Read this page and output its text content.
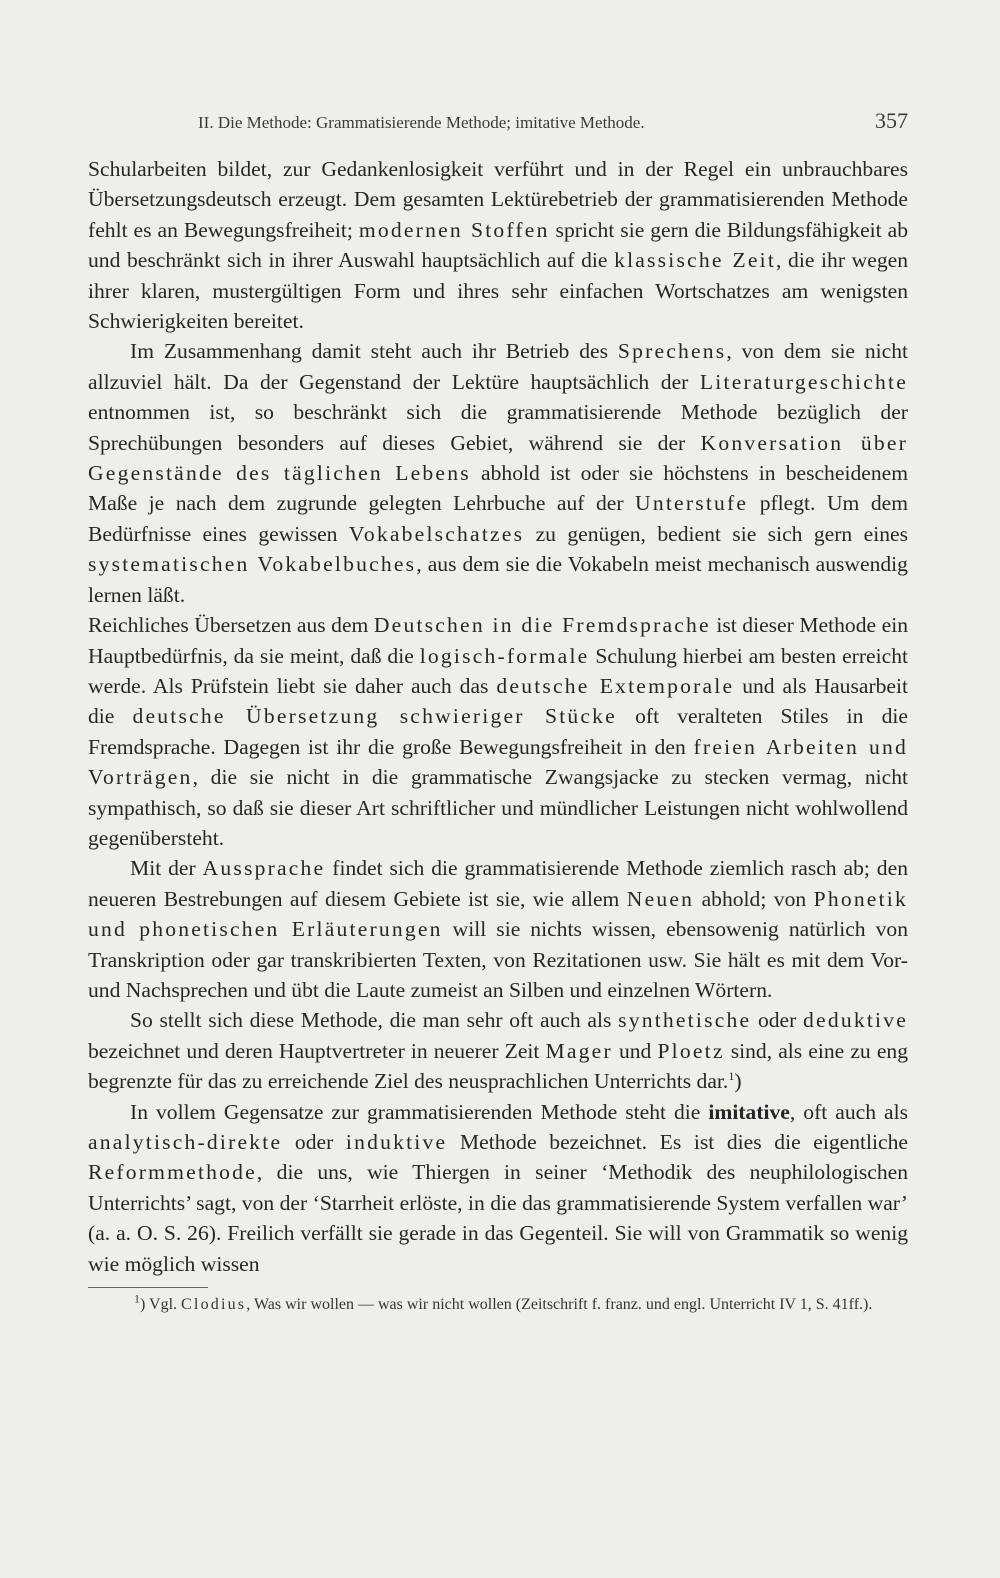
II. Die Methode: Grammatisierende Methode; imitative Methode.	357

Schularbeiten bildet, zur Gedankenlosigkeit verführt und in der Regel ein unbrauchbares Übersetzungsdeutsch erzeugt. Dem gesamten Lektürebetrieb der grammatisierenden Methode fehlt es an Bewegungsfreiheit; modernen Stoffen spricht sie gern die Bildungsfähigkeit ab und beschränkt sich in ihrer Auswahl hauptsächlich auf die klassische Zeit, die ihr wegen ihrer klaren, mustergültigen Form und ihres sehr einfachen Wortschatzes am wenigsten Schwierigkeiten bereitet.

Im Zusammenhang damit steht auch ihr Betrieb des Sprechens, von dem sie nicht allzuviel hält. Da der Gegenstand der Lektüre hauptsächlich der Literaturgeschichte entnommen ist, so beschränkt sich die grammatisierende Methode bezüglich der Sprechübungen besonders auf dieses Gebiet, während sie der Konversation über Gegenstände des täglichen Lebens abhold ist oder sie höchstens in bescheidenem Maße je nach dem zugrunde gelegten Lehrbuche auf der Unterstufe pflegt. Um dem Bedürfnisse eines gewissen Vokabelschatzes zu genügen, bedient sie sich gern eines systematischen Vokabelbuches, aus dem sie die Vokabeln meist mechanisch auswendig lernen läßt.

Reichliches Übersetzen aus dem Deutschen in die Fremdsprache ist dieser Methode ein Hauptbedürfnis, da sie meint, daß die logisch-formale Schulung hierbei am besten erreicht werde. Als Prüfstein liebt sie daher auch das deutsche Extemporale und als Hausarbeit die deutsche Übersetzung schwieriger Stücke oft veralteten Stiles in die Fremdsprache. Dagegen ist ihr die große Bewegungsfreiheit in den freien Arbeiten und Vorträgen, die sie nicht in die grammatische Zwangsjacke zu stecken vermag, nicht sympathisch, so daß sie dieser Art schriftlicher und mündlicher Leistungen nicht wohlwollend gegenübersteht.

Mit der Aussprache findet sich die grammatisierende Methode ziemlich rasch ab; den neueren Bestrebungen auf diesem Gebiete ist sie, wie allem Neuen abhold; von Phonetik und phonetischen Erläuterungen will sie nichts wissen, ebensowenig natürlich von Transkription oder gar transkribierten Texten, von Rezitationen usw. Sie hält es mit dem Vor- und Nachsprechen und übt die Laute zumeist an Silben und einzelnen Wörtern.

So stellt sich diese Methode, die man sehr oft auch als synthetische oder deduktive bezeichnet und deren Hauptvertreter in neuerer Zeit Mager und Ploetz sind, als eine zu eng begrenzte für das zu erreichende Ziel des neusprachlichen Unterrichts dar.$^1$)

In vollem Gegensatze zur grammatisierenden Methode steht die imitative, oft auch als analytisch-direkte oder induktive Methode bezeichnet. Es ist dies die eigentliche Reformmethode, die uns, wie Thiergen in seiner ‘Methodik des neuphilologischen Unterrichts’ sagt, von der ‘Starrheit erlöste, in die das grammatisierende System verfallen war’ (a. a. O. S. 26). Freilich verfällt sie gerade in das Gegenteil. Sie will von Grammatik so wenig wie möglich wissen

$^1$) Vgl. Clodius, Was wir wollen — was wir nicht wollen (Zeitschrift f. franz. und engl. Unterricht IV 1, S. 41ff.).
